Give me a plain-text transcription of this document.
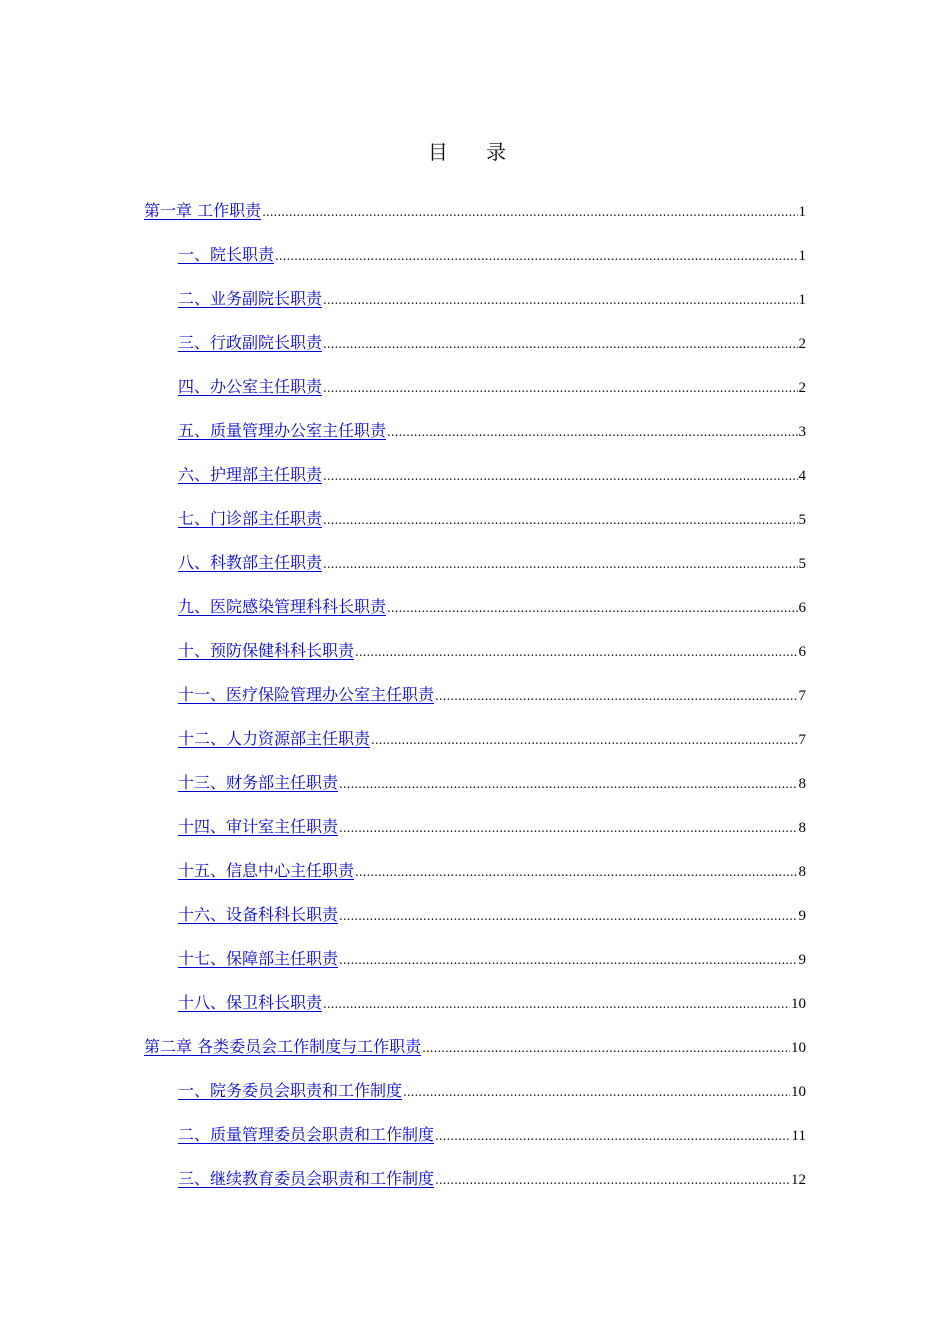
目 录
第一章 工作职责 .....	1
一、院长职责 .....	1
二、业务副院长职责 .....	1
三、行政副院长职责 .....	2
四、办公室主任职责 .....	2
五、质量管理办公室主任职责 .....	3
六、护理部主任职责 .....	4
七、门诊部主任职责 .....	5
八、科教部主任职责 .....	5
九、医院感染管理科科长职责 .....	6
十、预防保健科科长职责 .....	6
十一、医疗保险管理办公室主任职责 .....	7
十二、人力资源部主任职责 .....	7
十三、财务部主任职责 .....	8
十四、审计室主任职责 .....	8
十五、信息中心主任职责 .....	8
十六、设备科科长职责 .....	9
十七、保障部主任职责 .....	9
十八、保卫科长职责 .....	10
第二章 各类委员会工作制度与工作职责 .....	10
一、院务委员会职责和工作制度 .....	10
二、质量管理委员会职责和工作制度 .....	11
三、继续教育委员会职责和工作制度 .....	12
